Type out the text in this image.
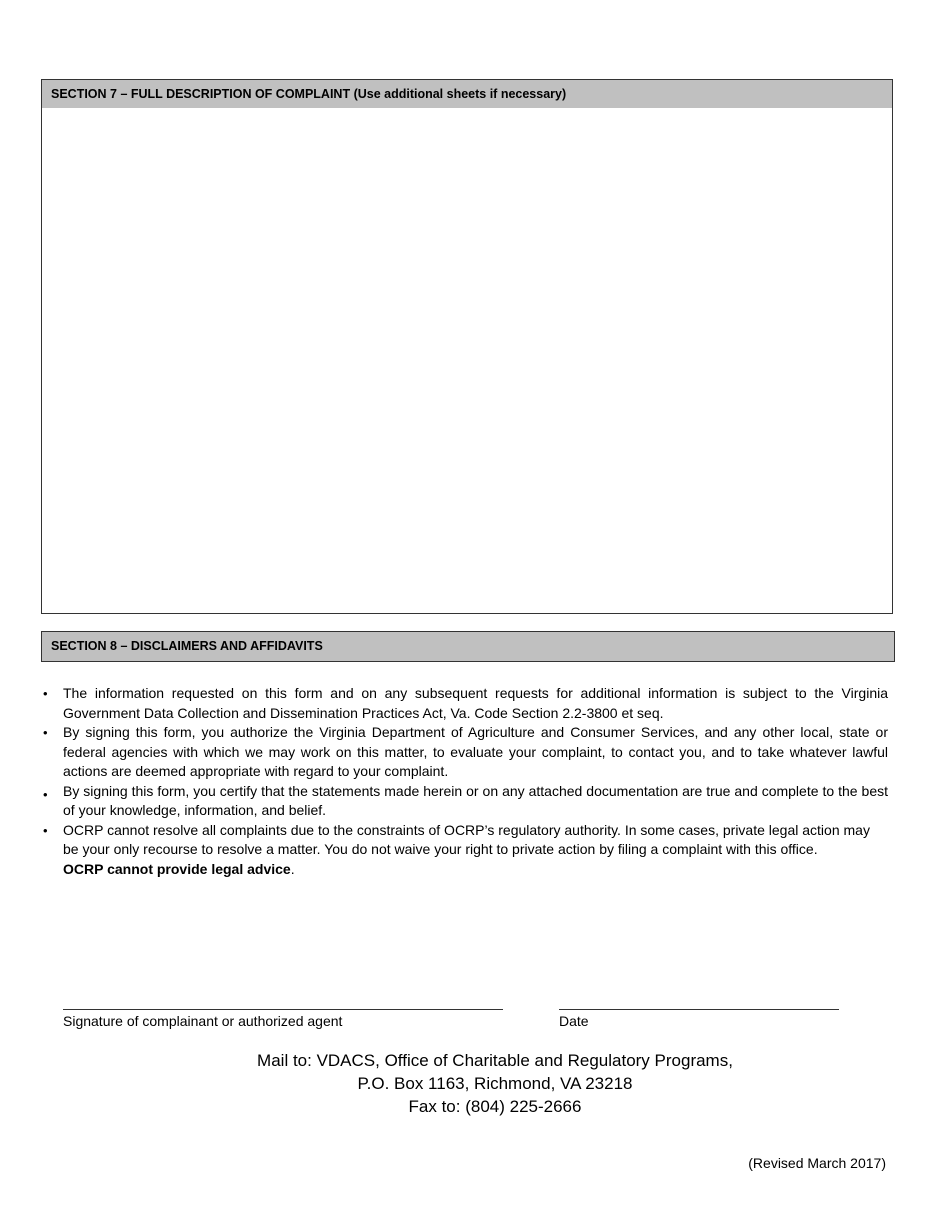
SECTION 7 – FULL DESCRIPTION OF COMPLAINT (Use additional sheets if necessary)
SECTION 8 – DISCLAIMERS AND AFFIDAVITS
• The information requested on this form and on any subsequent requests for additional information is subject to the Virginia Government Data Collection and Dissemination Practices Act, Va. Code Section 2.2-3800 et seq.
• By signing this form, you authorize the Virginia Department of Agriculture and Consumer Services, and any other local, state or federal agencies with which we may work on this matter, to evaluate your complaint, to contact you, and to take whatever lawful actions are deemed appropriate with regard to your complaint.
• By signing this form, you certify that the statements made herein or on any attached documentation are true and complete to the best of your knowledge, information, and belief.
• OCRP cannot resolve all complaints due to the constraints of OCRP’s regulatory authority. In some cases, private legal action may be your only recourse to resolve a matter. You do not waive your right to private action by filing a complaint with this office.
OCRP cannot provide legal advice.
Signature of complainant or authorized agent	Date
Mail to: VDACS, Office of Charitable and Regulatory Programs,
P.O. Box 1163, Richmond, VA 23218
Fax to: (804) 225-2666
(Revised March 2017)
